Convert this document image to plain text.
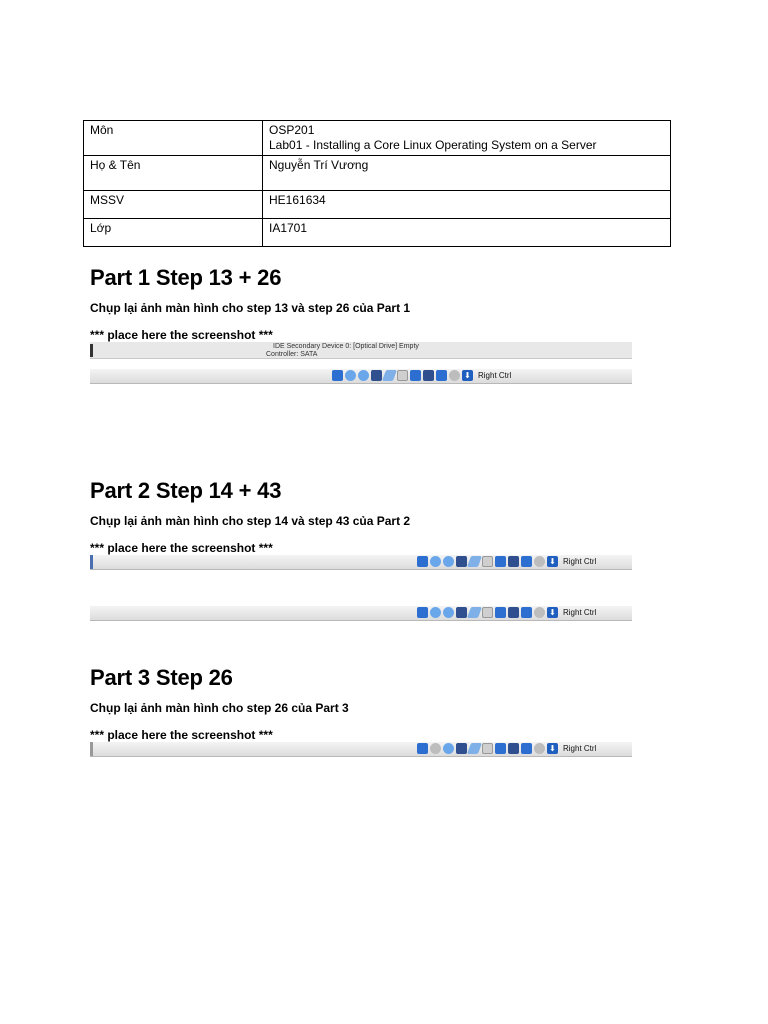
Môn	OSP201
Lab01 - Installing a Core Linux Operating System on a Server

Họ & Tên	Nguyễn Trí Vương
MSSV	HE161634
Lớp	IA1701
Part 1 Step 13 + 26

Chụp lại ảnh màn hình cho step 13 và step 26 của Part 1

*** place here the screenshot ***

IDE Secondary Device 0: [Optical Drive] Empty
Controller: SATA
⬇ Right Ctrl
Part 2 Step 14 + 43

Chụp lại ảnh màn hình cho step 14 và step 43 của Part 2

*** place here the screenshot ***

⬇ Right Ctrl
⬇ Right Ctrl
Part 3 Step 26

Chụp lại ảnh màn hình cho step 26 của Part 3

*** place here the screenshot ***

⬇ Right Ctrl
